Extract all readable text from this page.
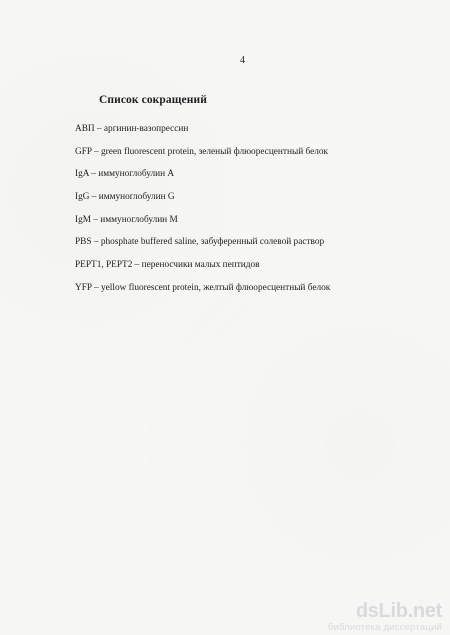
4
Список сокращений
АВП – аргинин-вазопрессин
GFP – green fluorescent protein, зеленый флюоресцентный белок
IgA – иммуноглобулин А
IgG – иммуноглобулин G
IgM – иммуноглобулин М
PBS – phosphate buffered saline, забуференный солевой раствор
PEPT1, PEPT2 – переносчики малых пептидов
YFP – yellow fluorescent protein, желтый флюоресцентный белок
dsLib.net
библиотека диссертаций
